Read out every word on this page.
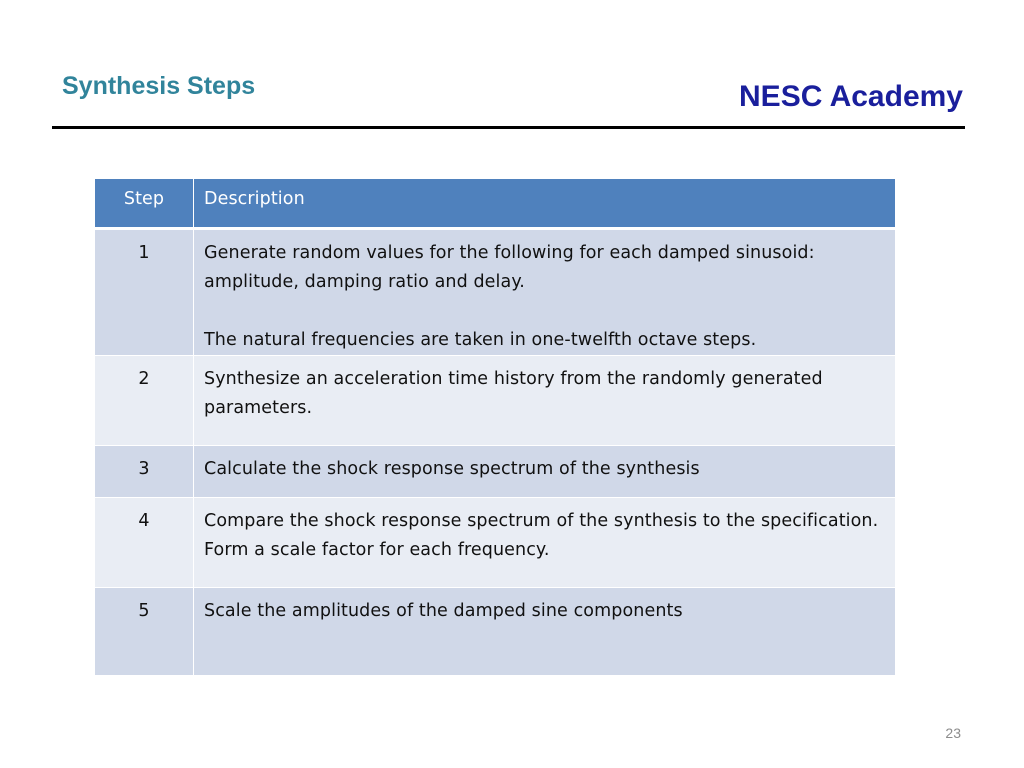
Synthesis Steps	NESC Academy
Step	Description
1	Generate random values for the following for each damped sinusoid: amplitude, damping ratio and delay.
The natural frequencies are taken in one-twelfth octave steps.

2	Synthesize an acceleration time history from the randomly generated parameters.
3	Calculate the shock response spectrum of the synthesis
4	Compare the shock response spectrum of the synthesis to the specification. Form a scale factor for each frequency.
5	Scale the amplitudes of the damped sine components
23
